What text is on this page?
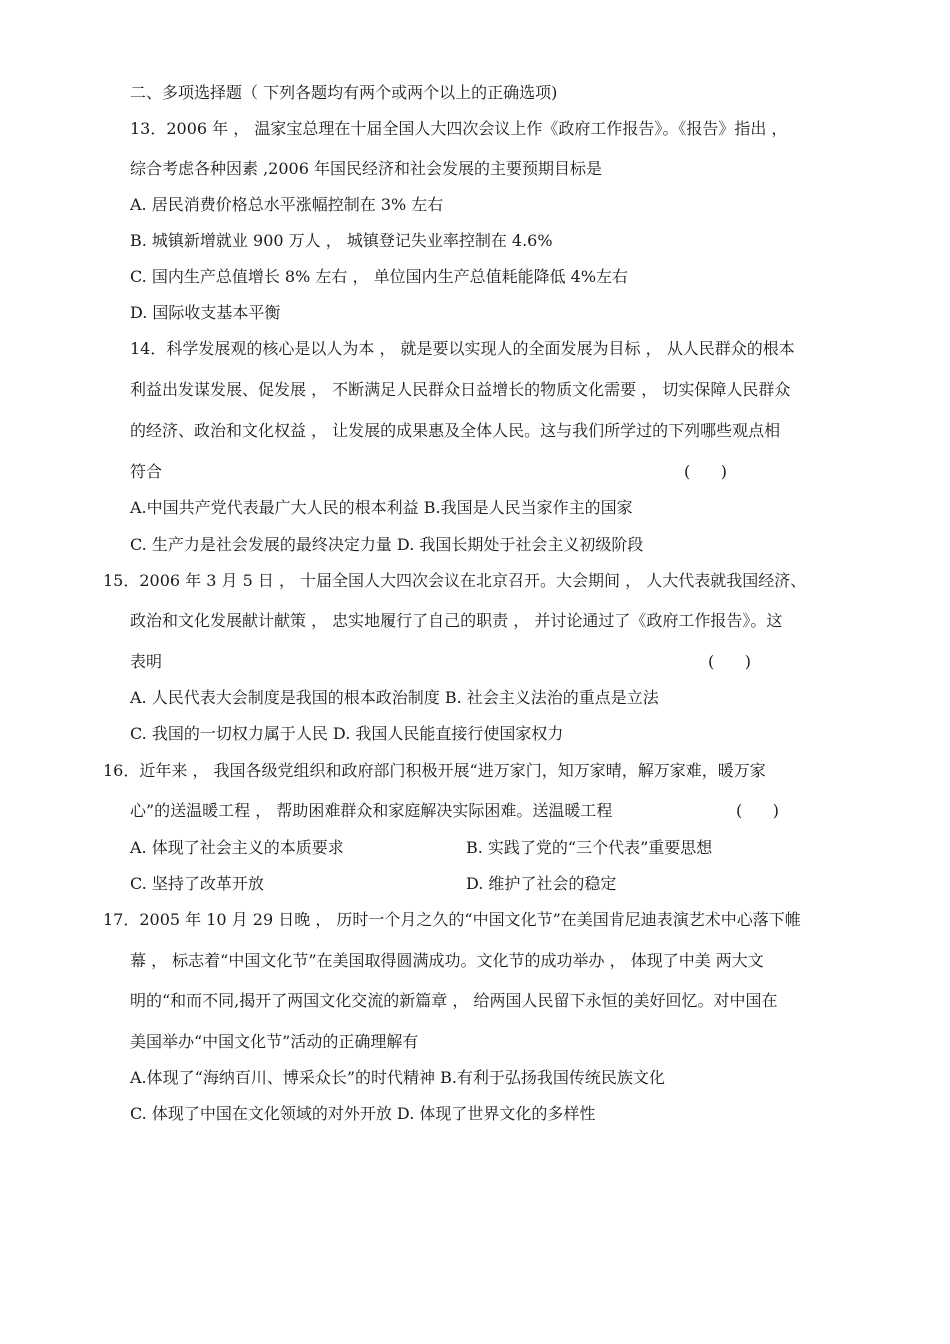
二、多项选择题（ 下列各题均有两个或两个以上的正确选项)
13．2006 年 ， 温家宝总理在十届全国人大四次会议上作《政府工作报告》。《报告》指出 ，
综合考虑各种因素 ,2006 年国民经济和社会发展的主要预期目标是
A. 居民消费价格总水平涨幅控制在 3% 左右
B. 城镇新增就业 900 万人 ， 城镇登记失业率控制在 4.6%
C. 国内生产总值增长 8% 左右 ， 单位国内生产总值耗能降低 4%左右
D. 国际收支基本平衡
14．科学发展观的核心是以人为本 ， 就是要以实现人的全面发展为目标 ， 从人民群众的根本
利益出发谋发展、促发展 ， 不断满足人民群众日益增长的物质文化需要 ， 切实保障人民群众
的经济、政治和文化权益 ， 让发展的成果惠及全体人民。这与我们所学过的下列哪些观点相
符合	(      )
A.中国共产党代表最广大人民的根本利益 B.我国是人民当家作主的国家
C. 生产力是社会发展的最终决定力量 D. 我国长期处于社会主义初级阶段
15．2006 年 3 月 5 日 ， 十届全国人大四次会议在北京召开。大会期间 ， 人大代表就我国经济、
政治和文化发展献计献策 ， 忠实地履行了自己的职责 ， 并讨论通过了《政府工作报告》。这
表明	(      )
A. 人民代表大会制度是我国的根本政治制度 B. 社会主义法治的重点是立法
C. 我国的一切权力属于人民 D. 我国人民能直接行使国家权力
16．近年来 ， 我国各级党组织和政府部门积极开展“进万家门，知万家晴，解万家难，暖万家
心”的送温暖工程 ， 帮助困难群众和家庭解决实际困难。送温暖工程	(      )
A. 体现了社会主义的本质要求	B. 实践了党的“三个代表”重要思想
C. 坚持了改革开放	D. 维护了社会的稳定
17．2005 年 10 月 29 日晚 ， 历时一个月之久的“中国文化节”在美国肯尼迪表演艺术中心落下帷
幕 ， 标志着“中国文化节”在美国取得圆满成功。文化节的成功举办 ， 体现了中美 两大文
明的“和而不同,揭开了两国文化交流的新篇章 ， 给两国人民留下永恒的美好回忆。对中国在
美国举办“中国文化节”活动的正确理解有
A.体现了“海纳百川、博采众长”的时代精神 B.有利于弘扬我国传统民族文化
C. 体现了中国在文化领域的对外开放 D. 体现了世界文化的多样性
